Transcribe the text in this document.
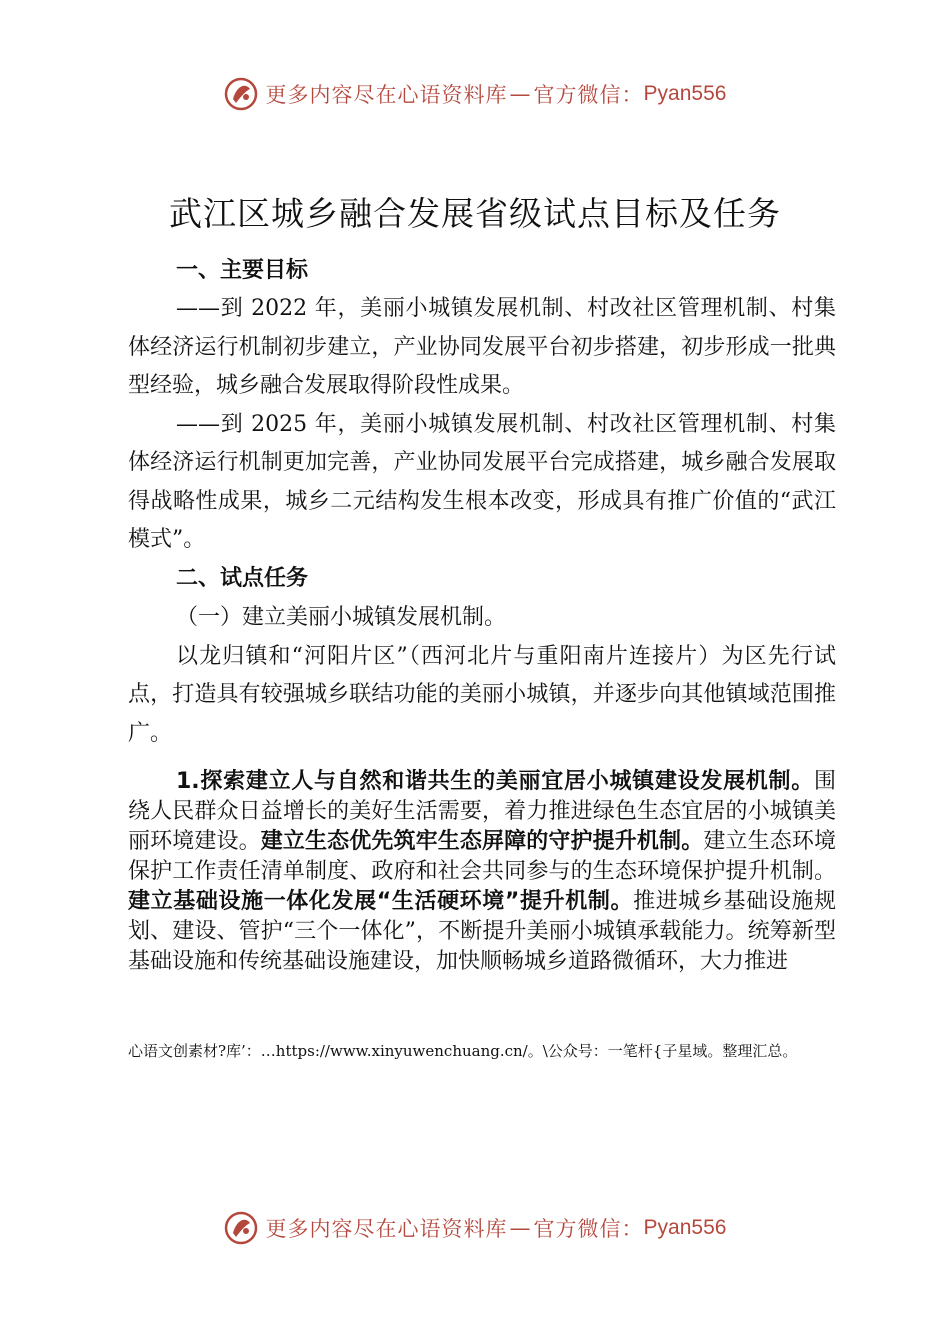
更多内容尽在心语资料库 — 官方微信： Pyan556
武江区城乡融合发展省级试点目标及任务

一、主要目标

——到 2022 年，美丽小城镇发展机制、村改社区管理机制、村集体经济运行机制初步建立，产业协同发展平台初步搭建，初步形成一批典型经验，城乡融合发展取得阶段性成果。

——到 2025 年，美丽小城镇发展机制、村改社区管理机制、村集体经济运行机制更加完善，产业协同发展平台完成搭建，城乡融合发展取得战略性成果，城乡二元结构发生根本改变，形成具有推广价值的“武江模式”。

二、试点任务

（一）建立美丽小城镇发展机制。

以龙归镇和“河阳片区”（西河北片与重阳南片连接片）为区先行试点，打造具有较强城乡联结功能的美丽小城镇，并逐步向其他镇域范围推广。

1.探索建立人与自然和谐共生的美丽宜居小城镇建设发展机制。围绕人民群众日益增长的美好生活需要，着力推进绿色生态宜居的小城镇美丽环境建设。建立生态优先筑牢生态屏障的守护提升机制。建立生态环境保护工作责任清单制度、政府和社会共同参与的生态环境保护提升机制。建立基础设施一体化发展“生活硬环境”提升机制。推进城乡基础设施规划、建设、管护“三个一体化”，不断提升美丽小城镇承载能力。统筹新型基础设施和传统基础设施建设，加快顺畅城乡道路微循环，大力推进

心语文创素材?库’：…https://www.xinyuwenchuang.cn/。\公众号：一笔杆{子星域。整理汇总。
更多内容尽在心语资料库 — 官方微信： Pyan556
